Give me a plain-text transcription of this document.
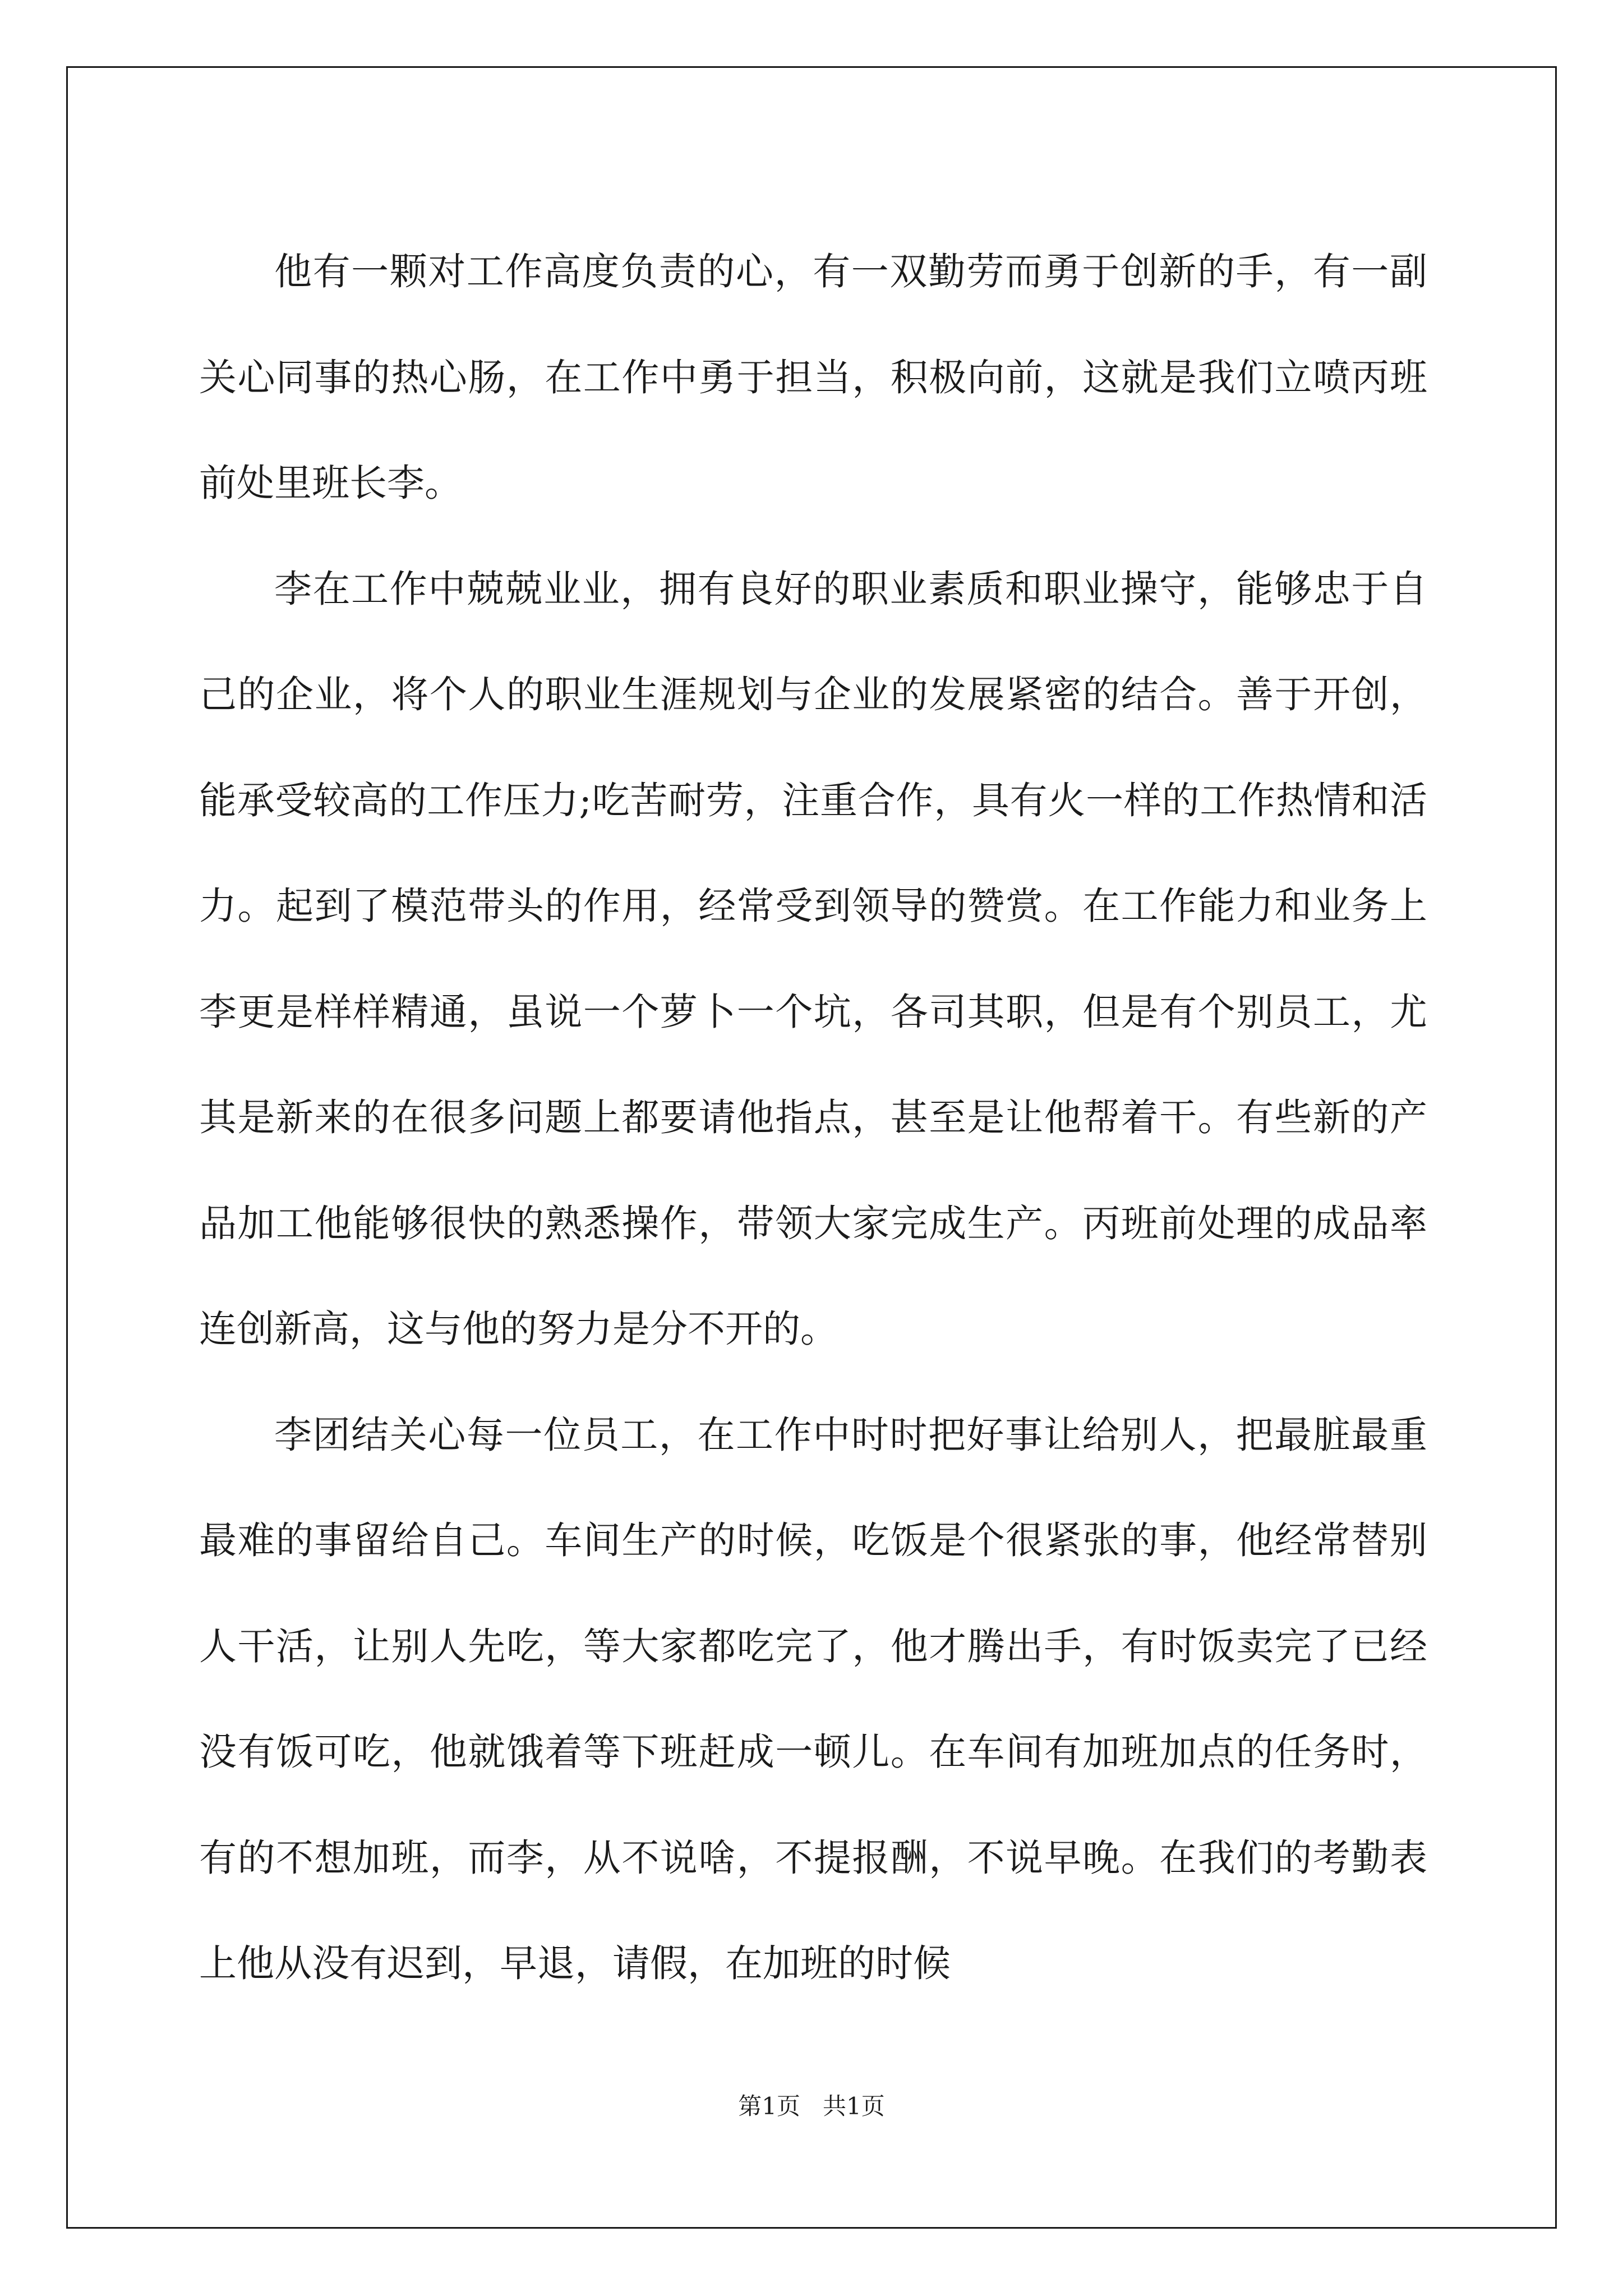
他有一颗对工作高度负责的心，有一双勤劳而勇于创新的手，有一副关心同事的热心肠，在工作中勇于担当，积极向前，这就是我们立喷丙班前处里班长李。

李在工作中兢兢业业，拥有良好的职业素质和职业操守，能够忠于自己的企业，将个人的职业生涯规划与企业的发展紧密的结合。善于开创，能承受较高的工作压力;吃苦耐劳，注重合作，具有火一样的工作热情和活力。起到了模范带头的作用，经常受到领导的赞赏。在工作能力和业务上李更是样样精通，虽说一个萝卜一个坑，各司其职，但是有个别员工，尤其是新来的在很多问题上都要请他指点，甚至是让他帮着干。有些新的产品加工他能够很快的熟悉操作，带领大家完成生产。丙班前处理的成品率连创新高，这与他的努力是分不开的。

李团结关心每一位员工，在工作中时时把好事让给别人，把最脏最重最难的事留给自己。车间生产的时候，吃饭是个很紧张的事，他经常替别人干活，让别人先吃，等大家都吃完了，他才腾出手，有时饭卖完了已经没有饭可吃，他就饿着等下班赶成一顿儿。在车间有加班加点的任务时，有的不想加班，而李，从不说啥，不提报酬，不说早晚。在我们的考勤表上他从没有迟到，早退，请假，在加班的时候

第1页   共1页
